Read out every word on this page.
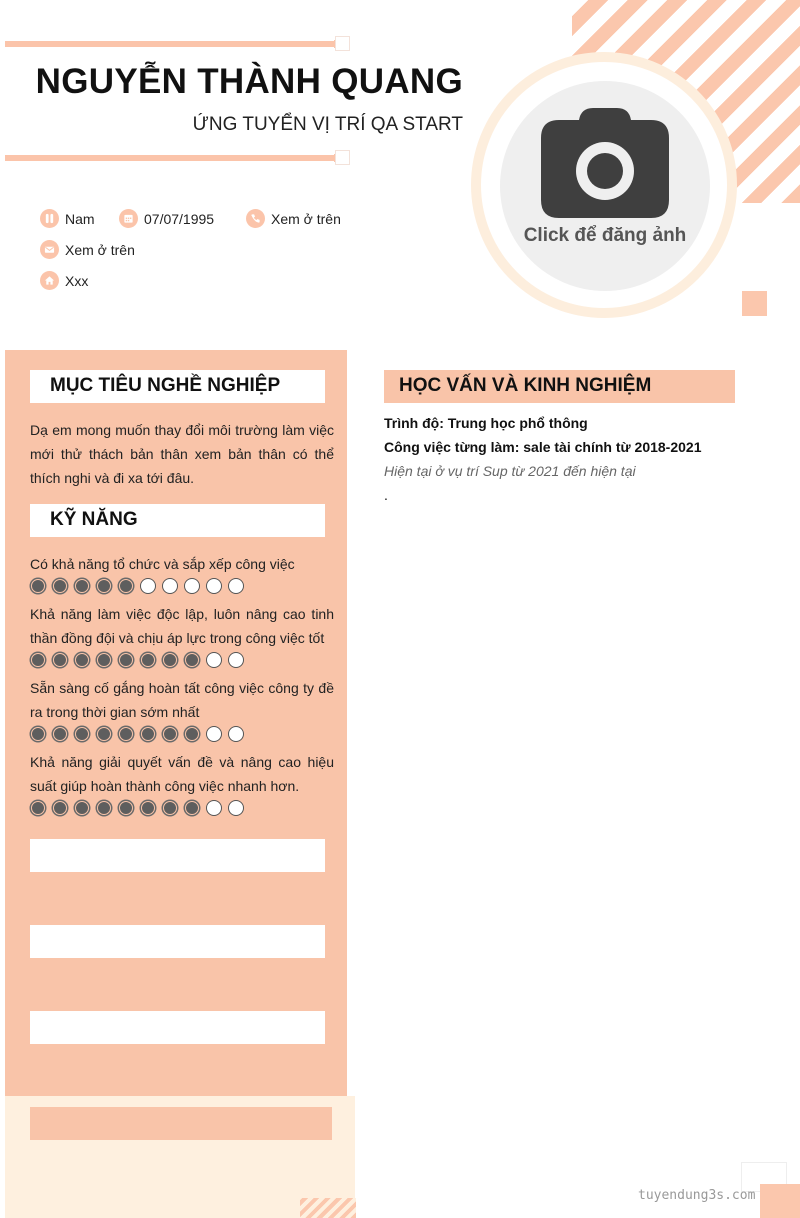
NGUYỄN THÀNH QUANG
ỨNG TUYỂN VỊ TRÍ QA START
Nam	07/07/1995	Xem ở trên
Xem ở trên
Xxx
Click để đăng ảnh
MỤC TIÊU NGHỀ NGHIỆP
Dạ em mong muốn thay đổi môi trường làm việc mới thử thách bản thân xem bản thân có thể thích nghi và đi xa tới đâu.
KỸ NĂNG
Có khả năng tổ chức và sắp xếp công việc
Khả năng làm việc độc lập, luôn nâng cao tinh thần đồng đội và chịu áp lực trong công việc tốt
Sẵn sàng cố gắng hoàn tất công việc công ty đề ra trong thời gian sớm nhất
Khả năng giải quyết vấn đề và nâng cao hiệu suất giúp hoàn thành công việc nhanh hơn.
HỌC VẤN VÀ KINH NGHIỆM
Trình độ: Trung học phổ thông
Công việc từng làm: sale tài chính từ 2018-2021
Hiện tại ở vụ trí Sup từ 2021 đến hiện tại
.
tuyendung3s.com
